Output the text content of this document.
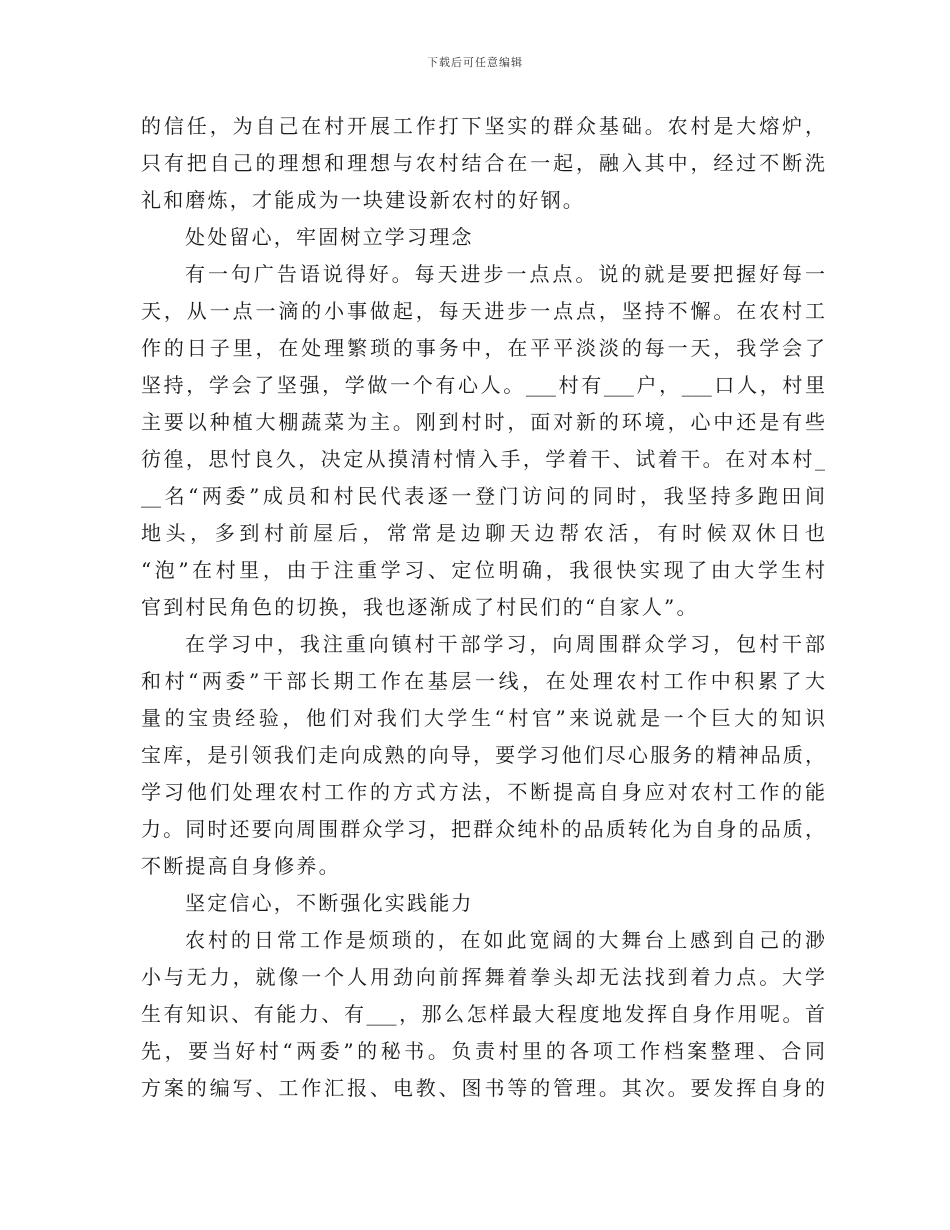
下载后可任意编辑
的信任，为自己在村开展工作打下坚实的群众基础。农村是大熔炉，
只有把自己的理想和理想与农村结合在一起，融入其中，经过不断洗
礼和磨炼，才能成为一块建设新农村的好钢。
处处留心，牢固树立学习理念
有一句广告语说得好。每天进步一点点。说的就是要把握好每一
天，从一点一滴的小事做起，每天进步一点点，坚持不懈。在农村工
作的日子里，在处理繁琐的事务中，在平平淡淡的每一天，我学会了
坚持，学会了坚强，学做一个有心人。___村有___户，___口人，村里
主要以种植大棚蔬菜为主。刚到村时，面对新的环境，心中还是有些
彷徨，思忖良久，决定从摸清村情入手，学着干、试着干。在对本村_
__名“两委”成员和村民代表逐一登门访问的同时，我坚持多跑田间
地头，多到村前屋后，常常是边聊天边帮农活，有时候双休日也
“泡”在村里，由于注重学习、定位明确，我很快实现了由大学生村
官到村民角色的切换，我也逐渐成了村民们的“自家人”。
在学习中，我注重向镇村干部学习，向周围群众学习，包村干部
和村“两委”干部长期工作在基层一线，在处理农村工作中积累了大
量的宝贵经验，他们对我们大学生“村官”来说就是一个巨大的知识
宝库，是引领我们走向成熟的向导，要学习他们尽心服务的精神品质，
学习他们处理农村工作的方式方法，不断提高自身应对农村工作的能
力。同时还要向周围群众学习，把群众纯朴的品质转化为自身的品质，
不断提高自身修养。
坚定信心，不断强化实践能力
农村的日常工作是烦琐的，在如此宽阔的大舞台上感到自己的渺
小与无力，就像一个人用劲向前挥舞着拳头却无法找到着力点。大学
生有知识、有能力、有___，那么怎样最大程度地发挥自身作用呢。首
先，要当好村“两委”的秘书。负责村里的各项工作档案整理、合同
方案的编写、工作汇报、电教、图书等的管理。其次。要发挥自身的
